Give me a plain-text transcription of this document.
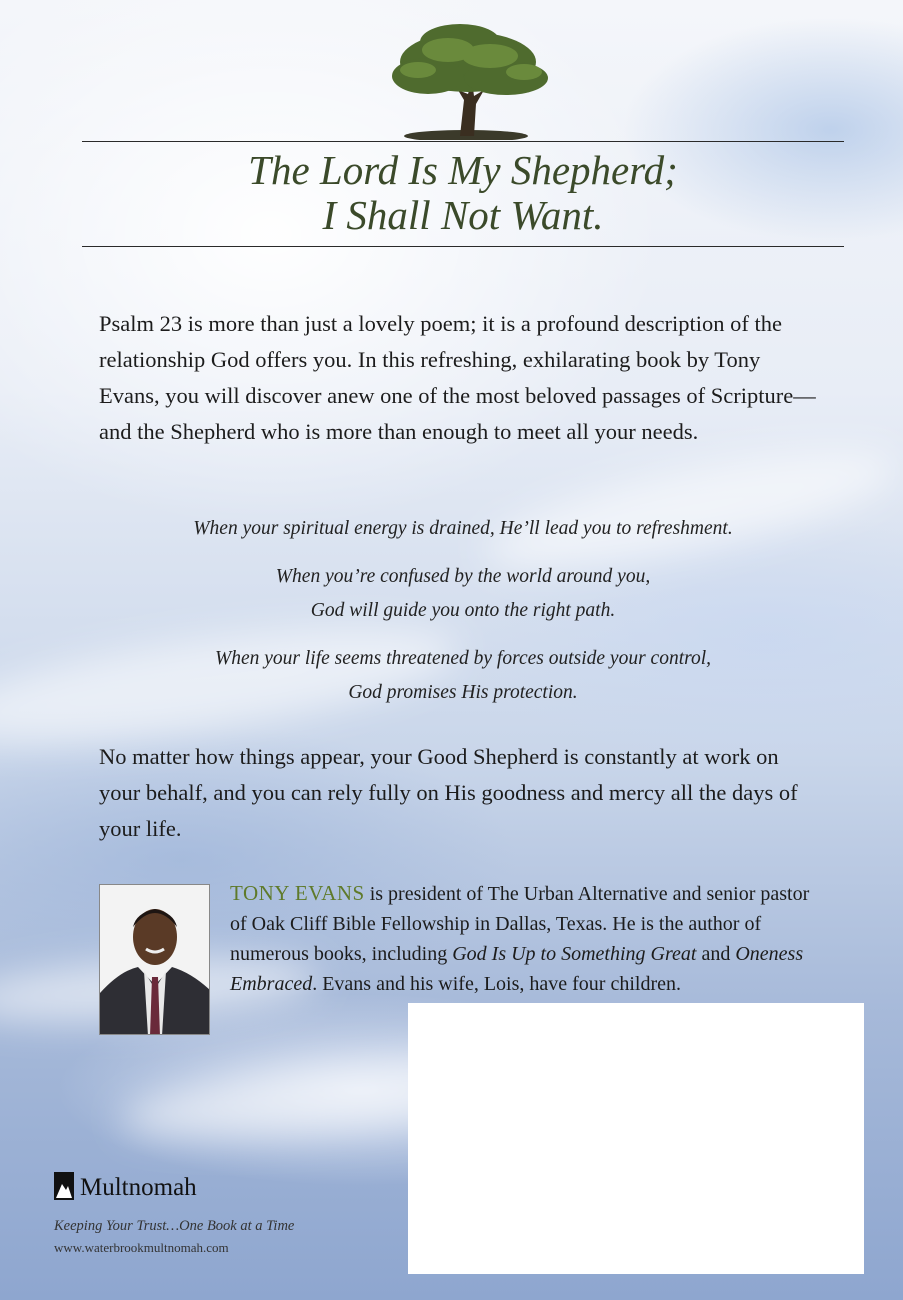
The Lord Is My Shepherd;
I Shall Not Want.
Psalm 23 is more than just a lovely poem; it is a profound description of the relationship God offers you. In this refreshing, exhilarating book by Tony Evans, you will discover anew one of the most beloved passages of Scripture—and the Shepherd who is more than enough to meet all your needs.
When your spiritual energy is drained, He’ll lead you to refreshment.
When you’re confused by the world around you,
God will guide you onto the right path.
When your life seems threatened by forces outside your control,
God promises His protection.
No matter how things appear, your Good Shepherd is constantly at work on your behalf, and you can rely fully on His goodness and mercy all the days of your life.
TONY EVANS is president of The Urban Alternative and senior pastor of Oak Cliff Bible Fellowship in Dallas, Texas. He is the author of numerous books, including God Is Up to Something Great and Oneness Embraced. Evans and his wife, Lois, have four children.
Multnomah
Keeping Your Trust…One Book at a Time
www.waterbrookmultnomah.com
